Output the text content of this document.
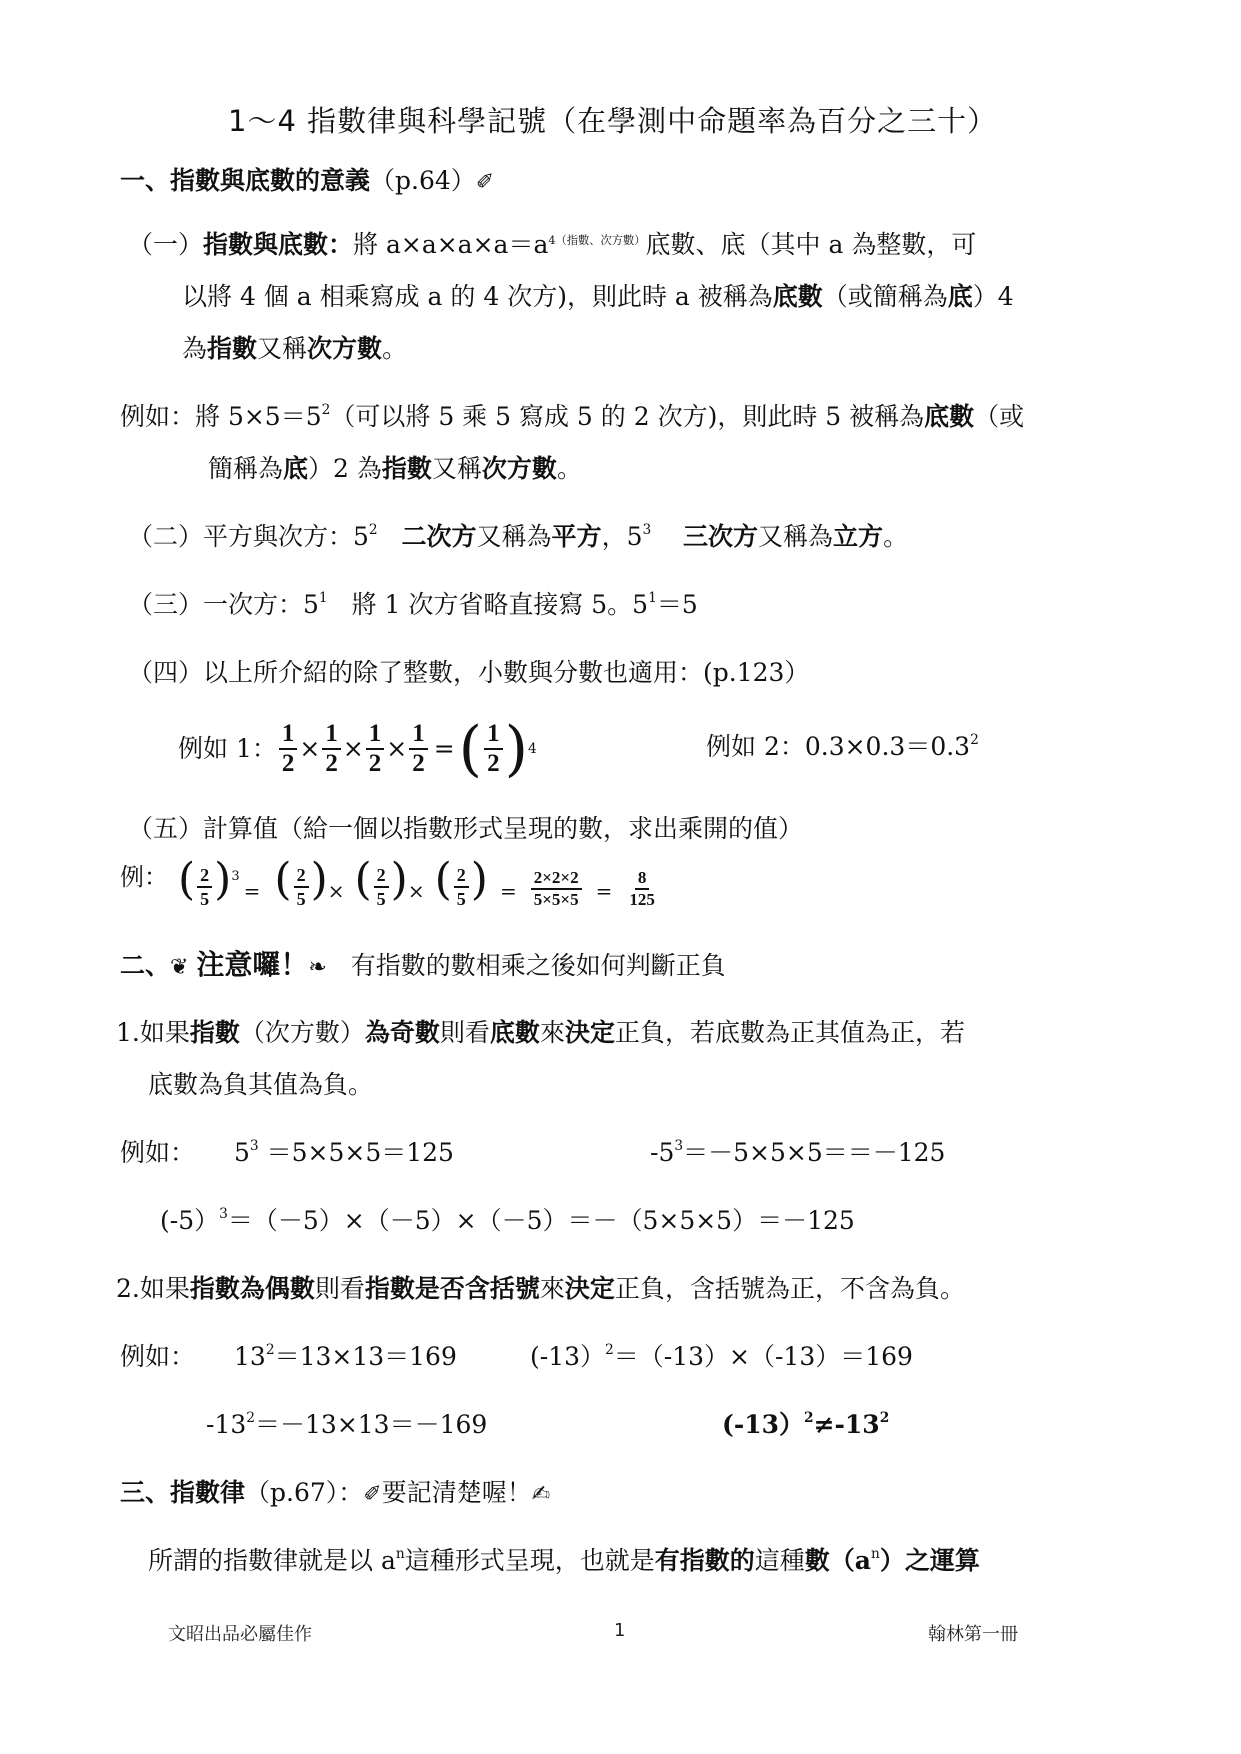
1～4 指數律與科學記號（在學測中命題率為百分之三十）
一、指數與底數的意義（p.64）✐
（一）指數與底數：將 $a\times a\times a\times a=a^{4(指數、次方數)}$底數、底（其中 a 為整數，可
以將 4 個 a 相乘寫成 a 的 4 次方)，則此時 a 被稱為底數（或簡稱為底）4
為指數又稱次方數。
例如：將 $5\times 5=5^2$（可以將 5 乘 5 寫成 5 的 2 次方)，則此時 5 被稱為底數（或
簡稱為底）2 為指數又稱次方數。
（二）平方與次方：$5^2$ 二次方又稱為平方，$5^3$ 三次方又稱為立方。
（三）一次方：$5^1$ 將 1 次方省略直接寫 5。$5^1=5$
（四）以上所介紹的除了整數，小數與分數也適用：(p.123）
例如 1： $\frac{1}{2} \times \frac{1}{2} \times \frac{1}{2} \times \frac{1}{2}$ = ( $\frac{1}{2}$ ) 4	例如 2：$0.3\times 0.3=0.3^2$
（五）計算值（給一個以指數形式呈現的數，求出乘開的值）
例： ( $\frac{2}{5}$ ) 3
= ( $\frac{2}{5}$ ) × ( $\frac{2}{5}$ ) × ( $\frac{2}{5}$ ) = $\frac{2\times 2\times 2}{5\times 5\times 5} = \frac{8}{125}$
二、❦ 注意囉！❧ 有指數的數相乘之後如何判斷正負
1.如果指數（次方數）為奇數則看底數來決定正負，若底數為正其值為正，若
底數為負其值為負。
例如： $5^3 =5\times 5\times 5=125$	$-5^3=-5\times 5\times 5==-125$
(-5）$^3$＝（－5）×（－5）×（－5）＝－（5×5×5）＝－125
2.如果指數為偶數則看指數是否含括號來決定正負，含括號為正，不含為負。
例如： $13^2=13\times 13=169$	(-13）$^2$＝（-13）×（-13）＝169
$-13^2=-13\times 13=-169$	$(-13)^2\ne-13^2$
三、指數律（p.67）：✐要記清楚喔！✍
所謂的指數律就是以 $a^n$這種形式呈現，也就是有指數的這種數$(a^n)$之運算
文昭出品必屬佳作	1	翰林第一冊
